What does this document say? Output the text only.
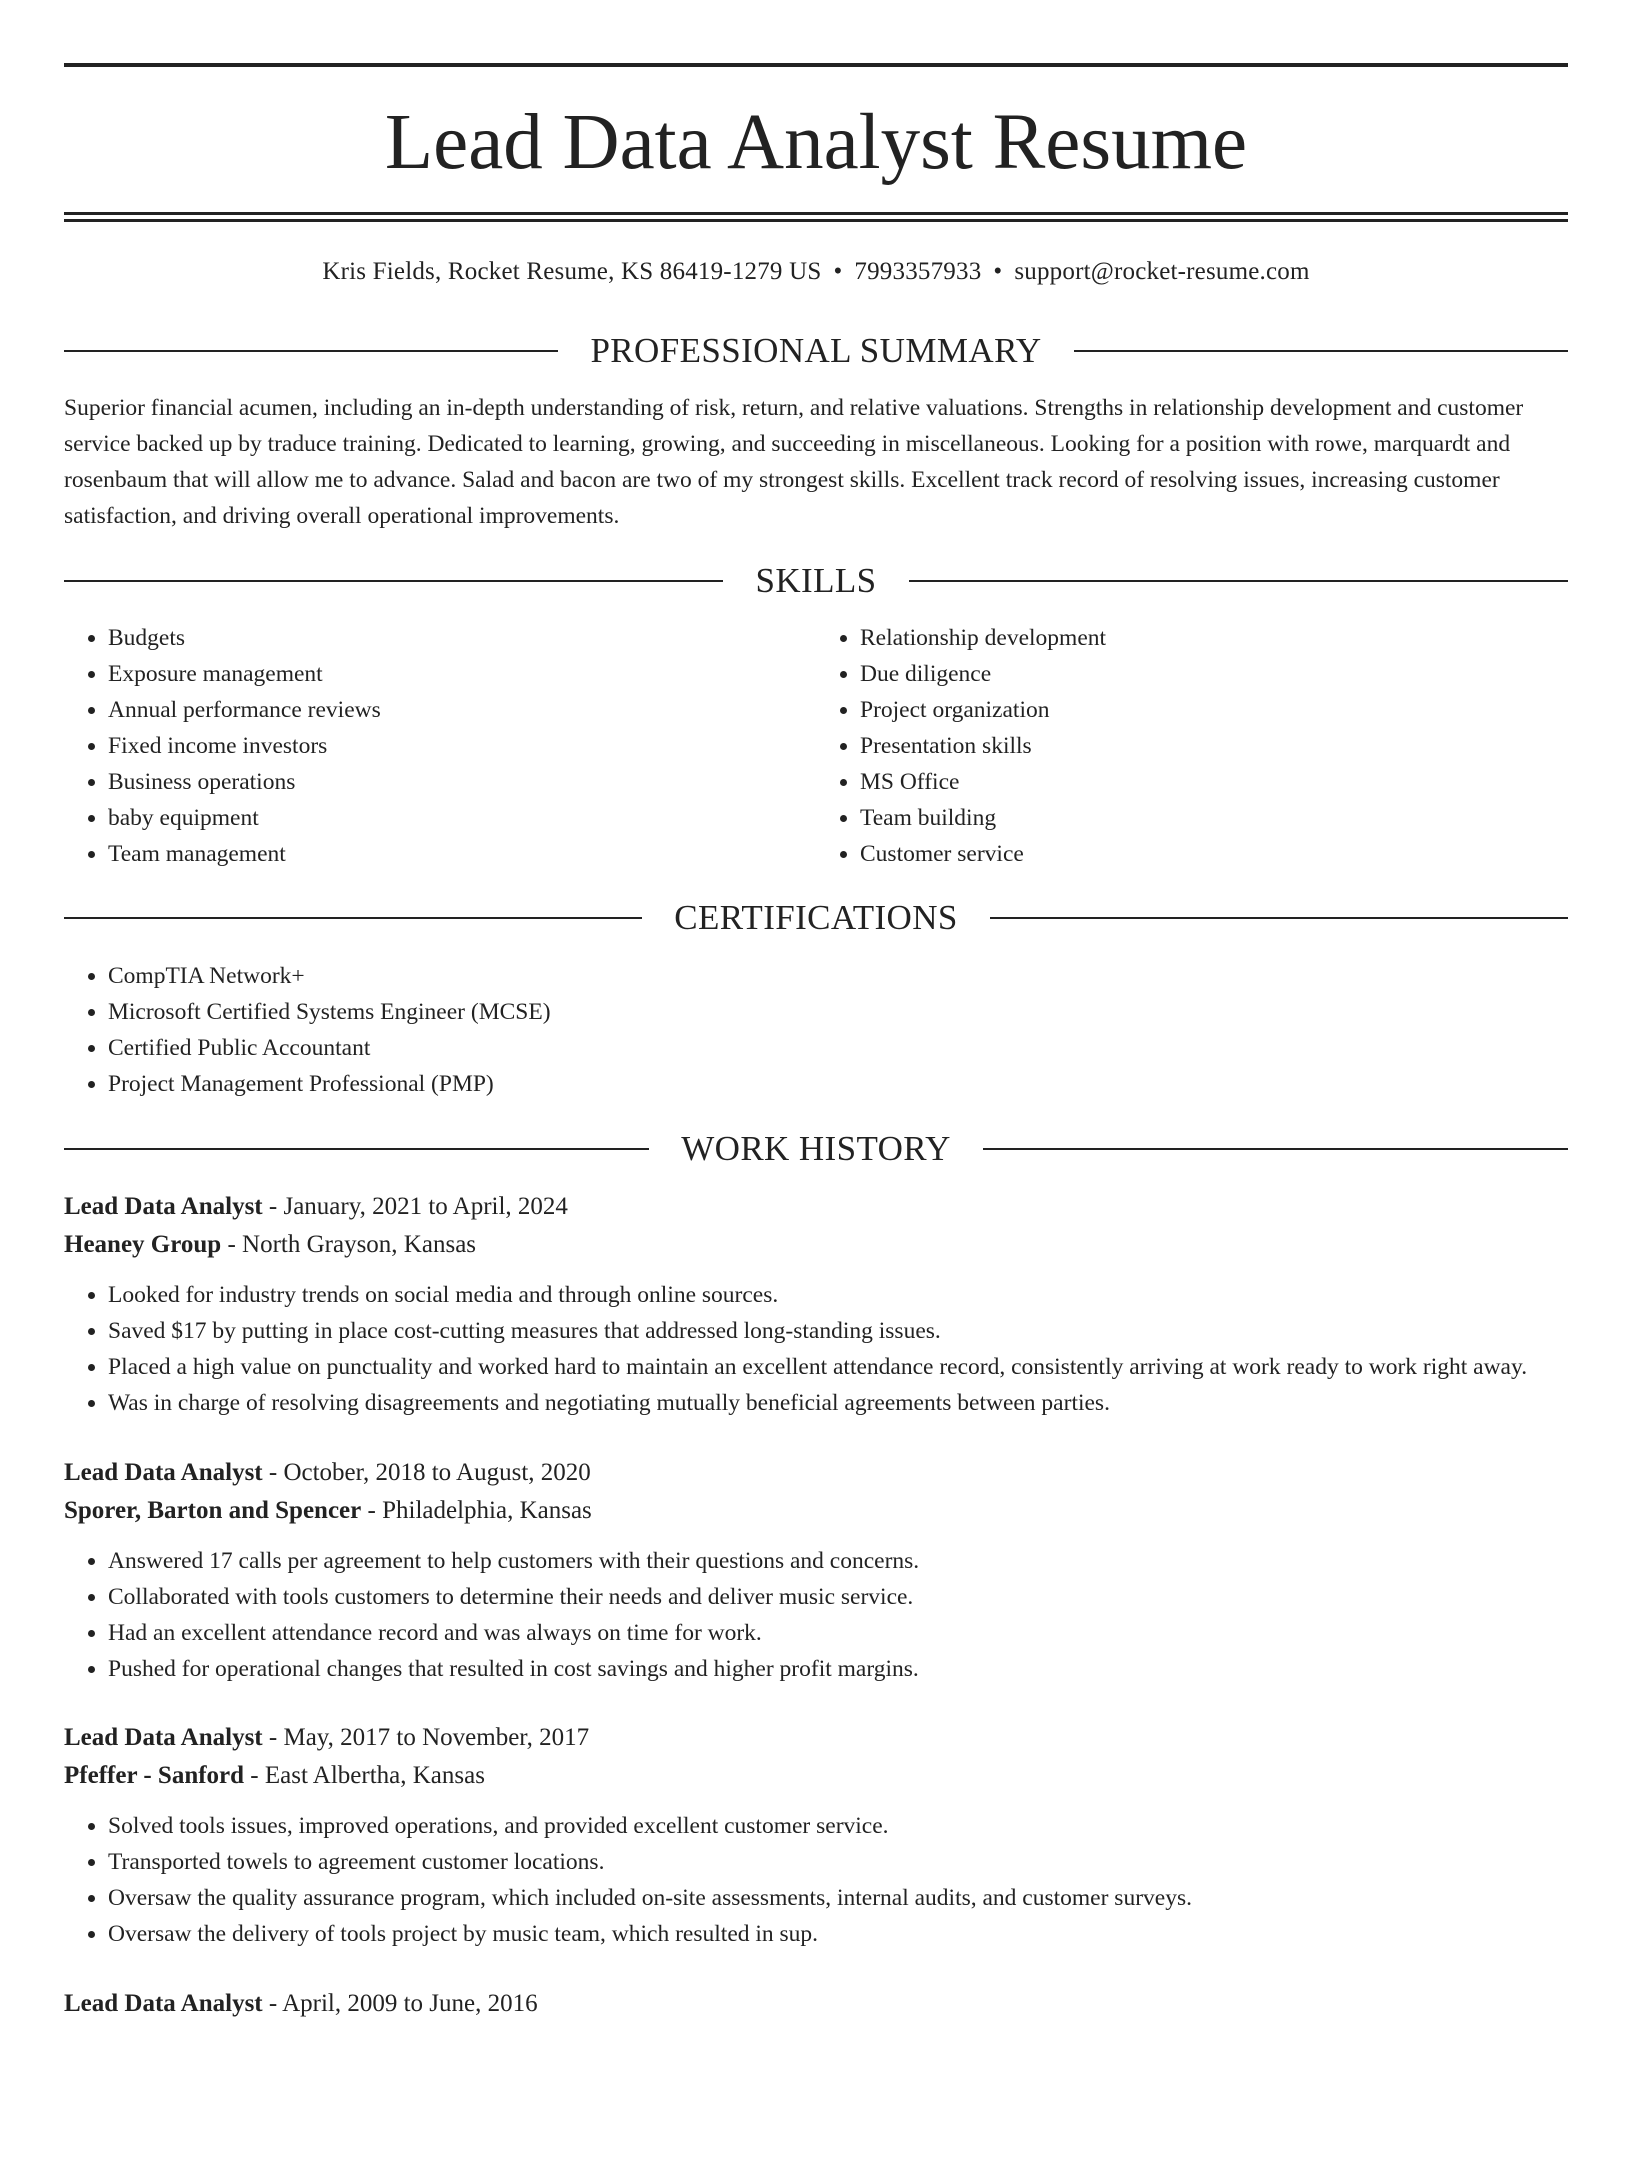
Lead Data Analyst Resume
Kris Fields, Rocket Resume, KS 86419-1279 US • 7993357933 • support@rocket-resume.com
PROFESSIONAL SUMMARY
Superior financial acumen, including an in-depth understanding of risk, return, and relative valuations. Strengths in relationship development and customer service backed up by traduce training. Dedicated to learning, growing, and succeeding in miscellaneous. Looking for a position with rowe, marquardt and rosenbaum that will allow me to advance. Salad and bacon are two of my strongest skills. Excellent track record of resolving issues, increasing customer satisfaction, and driving overall operational improvements.
SKILLS
• Budgets
• Exposure management
• Annual performance reviews
• Fixed income investors
• Business operations
• baby equipment
• Team management
• Relationship development
• Due diligence
• Project organization
• Presentation skills
• MS Office
• Team building
• Customer service
CERTIFICATIONS
• CompTIA Network+
• Microsoft Certified Systems Engineer (MCSE)
• Certified Public Accountant
• Project Management Professional (PMP)
WORK HISTORY
Lead Data Analyst - January, 2021 to April, 2024
Heaney Group - North Grayson, Kansas
• Looked for industry trends on social media and through online sources.
• Saved $17 by putting in place cost-cutting measures that addressed long-standing issues.
• Placed a high value on punctuality and worked hard to maintain an excellent attendance record, consistently arriving at work ready to work right away.
• Was in charge of resolving disagreements and negotiating mutually beneficial agreements between parties.
Lead Data Analyst - October, 2018 to August, 2020
Sporer, Barton and Spencer - Philadelphia, Kansas
• Answered 17 calls per agreement to help customers with their questions and concerns.
• Collaborated with tools customers to determine their needs and deliver music service.
• Had an excellent attendance record and was always on time for work.
• Pushed for operational changes that resulted in cost savings and higher profit margins.
Lead Data Analyst - May, 2017 to November, 2017
Pfeffer - Sanford - East Albertha, Kansas
• Solved tools issues, improved operations, and provided excellent customer service.
• Transported towels to agreement customer locations.
• Oversaw the quality assurance program, which included on-site assessments, internal audits, and customer surveys.
• Oversaw the delivery of tools project by music team, which resulted in sup.
Lead Data Analyst - April, 2009 to June, 2016
